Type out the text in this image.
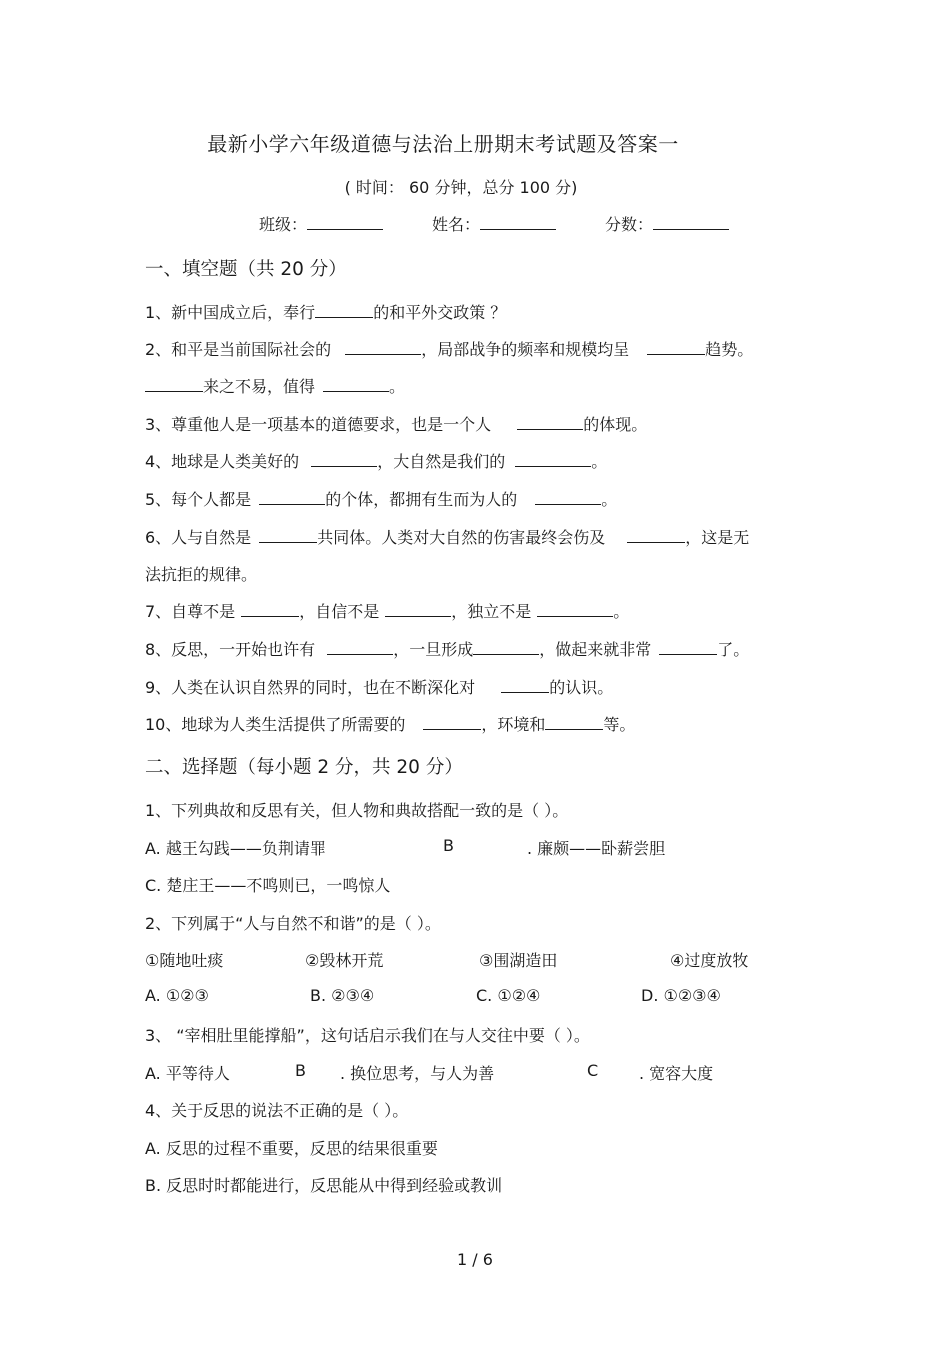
最新小学六年级道德与法治上册期末考试题及答案一
( 时间： 60 分钟，总分 100 分)
班级：	姓名：	分数：
一、填空题（共 20 分）
1、新中国成立后，奉行	的和平外交政策 ？
2、和平是当前国际社会的	，局部战争的频率和规模均呈	趋势。
来之不易，值得	。
3、尊重他人是一项基本的道德要求，也是一个人	的体现。
4、地球是人类美好的	，大自然是我们的	。
5、每个人都是	的个体，都拥有生而为人的	。
6、人与自然是	共同体。人类对大自然的伤害最终会伤及	，这是无
法抗拒的规律。
7、自尊不是	，自信不是	，独立不是	。
8、反思，一开始也许有	，一旦形成	，做起来就非常	了。
9、人类在认识自然界的同时，也在不断深化对	的认识。
10、地球为人类生活提供了所需要的	，环境和	等。
二、选择题（每小题 2 分，共 20 分）
1、下列典故和反思有关，但人物和典故搭配一致的是（ ）。
A. 越王勾践——负荆请罪	B	. 廉颇——卧薪尝胆
C. 楚庄王——不鸣则已，一鸣惊人
2、下列属于“人与自然不和谐”的是（ ）。
①随地吐痰	②毁林开荒	③围湖造田	④过度放牧
A. ①②③	B. ②③④	C. ①②④	D. ①②③④
3、 “宰相肚里能撑船”，这句话启示我们在与人交往中要（ ）。
A. 平等待人	B . 换位思考，与人为善	C	. 宽容大度
4、关于反思的说法不正确的是（ ）。
A. 反思的过程不重要，反思的结果很重要
B. 反思时时都能进行，反思能从中得到经验或教训
1 / 6
